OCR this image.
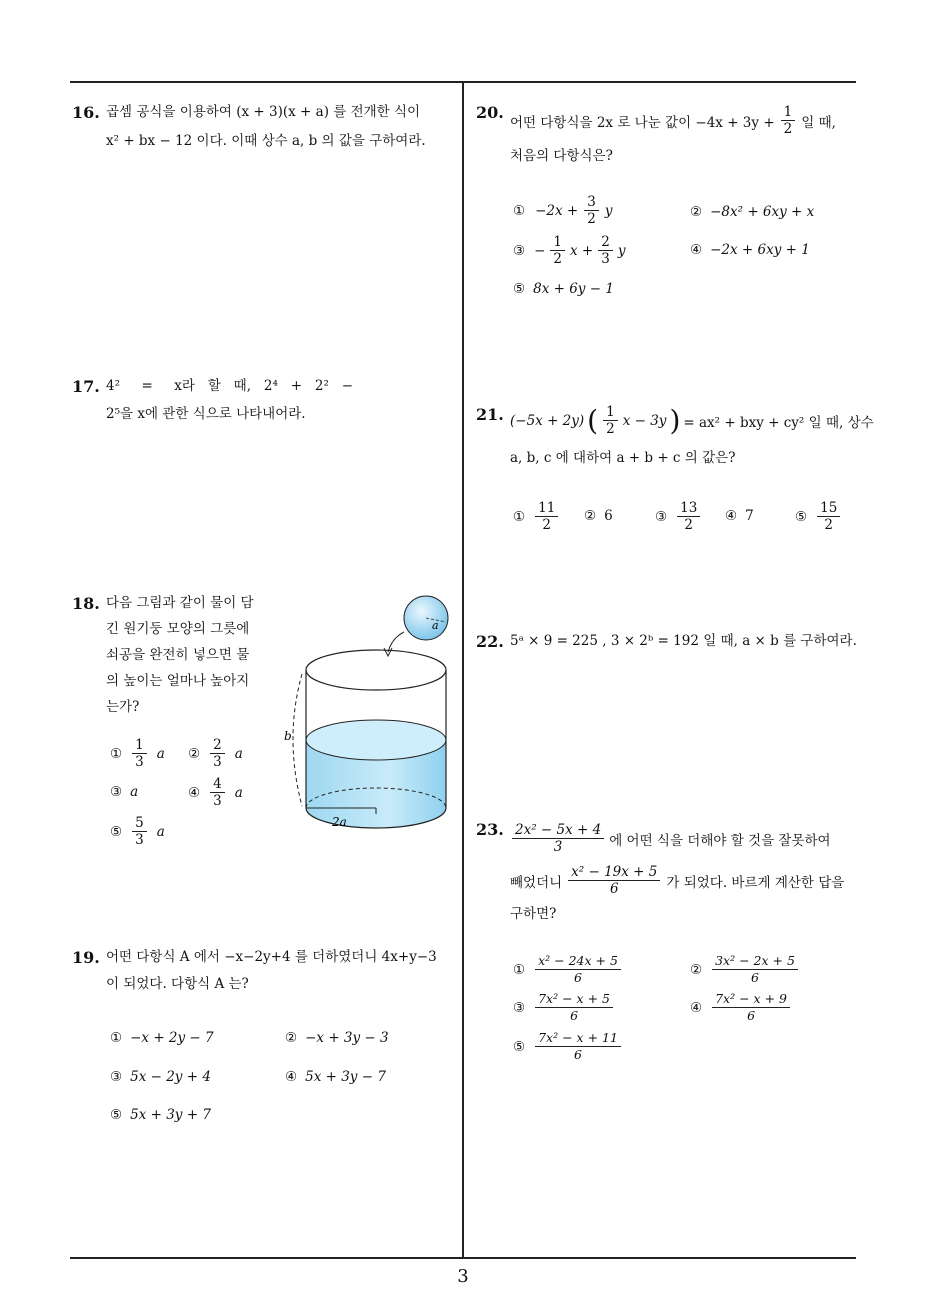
3
16. 곱셈 공식을 이용하여 (x + 3)(x + a) 를 전개한 식이
x² + bx − 12 이다. 이때 상수 a, b 의 값을 구하여라.
17. 4²     =     x라   할   때,   2⁴   +   2²   −
2⁵을 x에 관한 식으로 나타내어라.
18. 다음 그림과 같이 물이 담
긴 원기둥 모양의 그릇에
쇠공을 완전히 넣으면 물
의 높이는 얼마나 높아지
는가?
① $\frac{1}{3}$ a ② $\frac{2}{3}$ a
③ a	④ $\frac{4}{3}$ a
⑤ $\frac{5}{3}$ a
a
2a
b
19. 어떤 다항식 A 에서 −x−2y+4 를 더하였더니 4x+y−3
이 되었다. 다항식 A 는?
① −x + 2y − 7	② −x + 3y − 3
③ 5x − 2y + 4	④ 5x + 3y − 7
⑤ 5x + 3y + 7
20.
어떤 다항식을 2x 로 나눈 값이 $-4x + 3y + \frac{1}{2}$ 일 때,
처음의 다항식은?
① $-2x + \frac{3}{2}$ y	② −8x² + 6xy + x
③ − $\frac{1}{2}$ $x + \frac{2}{3}$ y	④ −2x + 6xy + 1
⑤ 8x + 6y − 1
21. (−5x + 2y) ( $\frac{1}{2}$ x − 3y ) = ax² + bxy + cy² 일 때, 상수
a, b, c 에 대하여 a + b + c 의 값은?
① $\frac{11}{2}$ ② 6	③ $\frac{13}{2}$ ④ 7	⑤ $\frac{15}{2}$
22. 5ᵃ × 9 = 225 , 3 × 2ᵇ = 192 일 때, a × b 를 구하여라.
23. $\frac{\text{2x² − 5x + 4}}{3}$ 에 어떤 식을 더해야 할 것을 잘못하여
빼었더니 $\frac{\text{x² − 19x + 5}}{6}$ 가 되었다. 바르게 계산한 답을
구하면?
① $\frac{\text{x² − 24x + 5}}{6}$	② $\frac{\text{3x² − 2x + 5}}{6}$
③ $\frac{\text{7x² − x + 5}}{6}$	④ $\frac{\text{7x² − x + 9}}{6}$
⑤ $\frac{\text{7x² − x + 11}}{6}$
